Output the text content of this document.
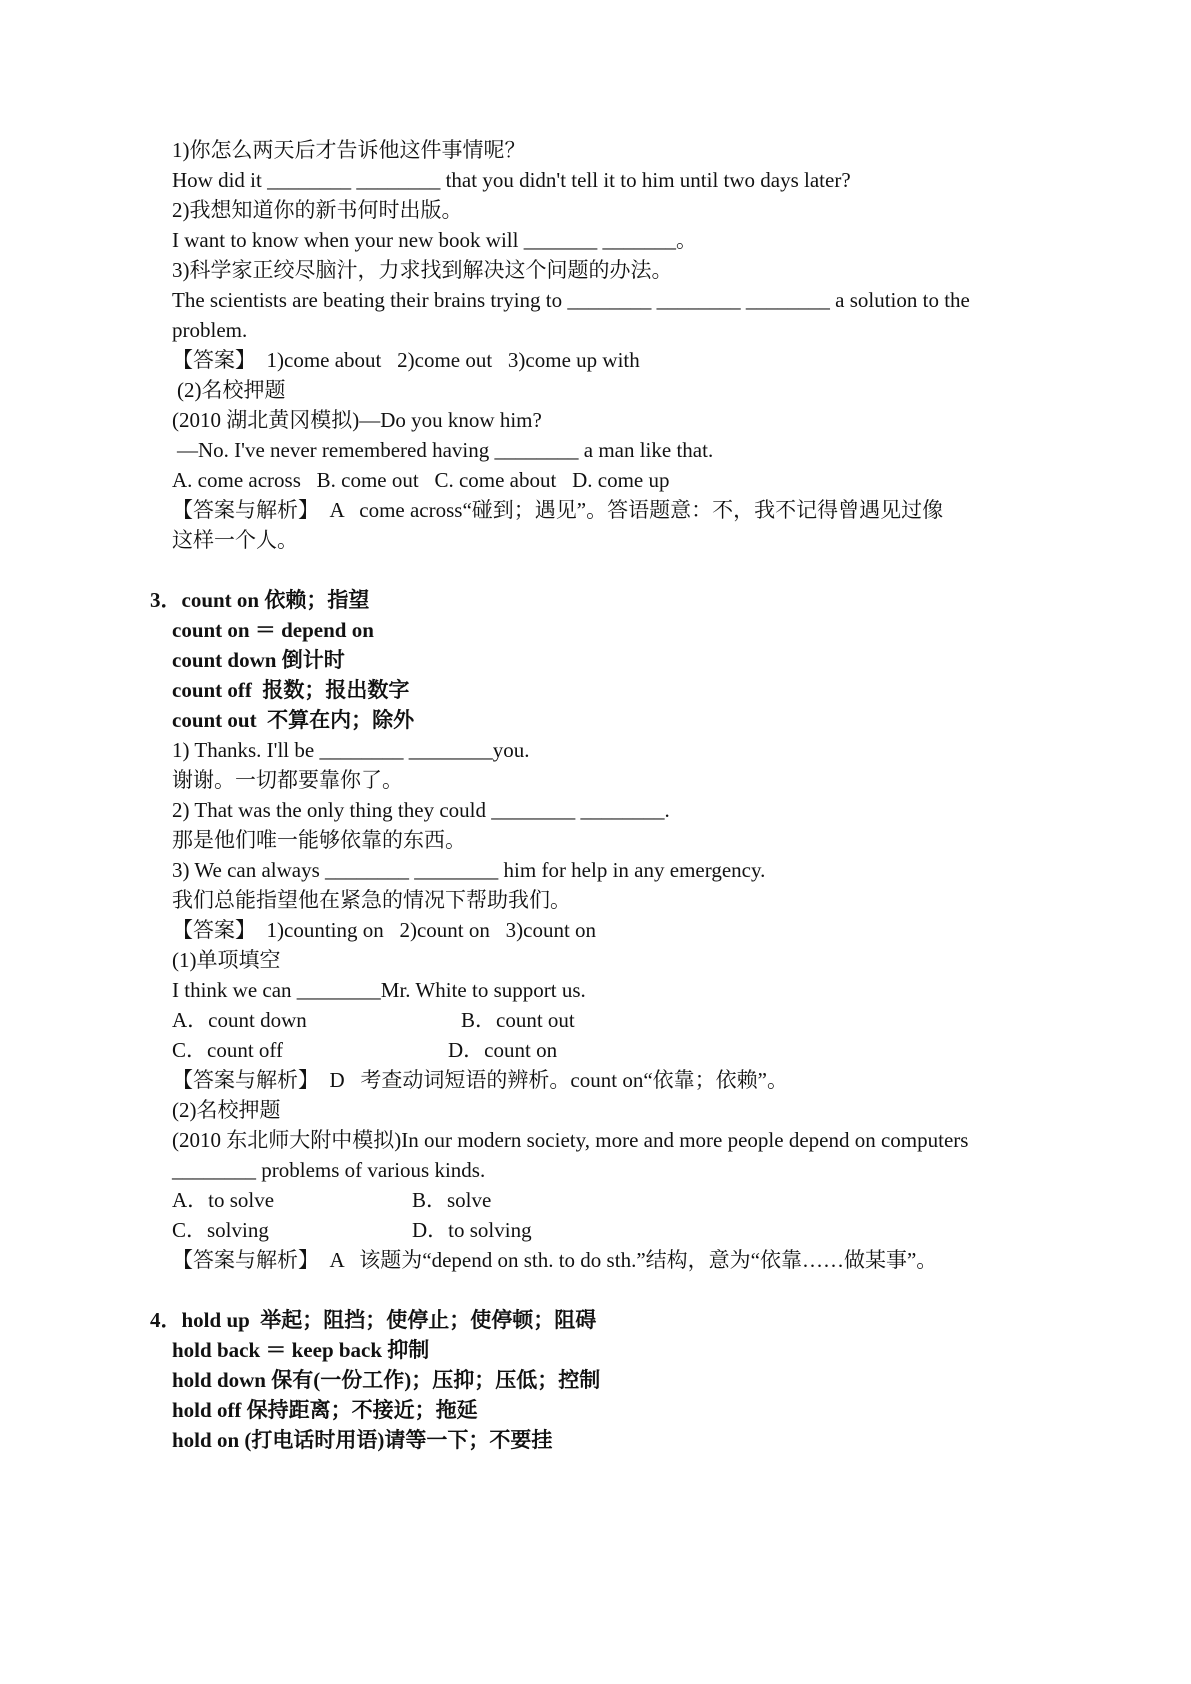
1)你怎么两天后才告诉他这件事情呢？
How did it ________ ________ that you didn't tell it to him until two days later?
2)我想知道你的新书何时出版。
I want to know when your new book will _______ _______。
3)科学家正绞尽脑汁，力求找到解决这个问题的办法。
The scientists are beating their brains trying to ________ ________ ________ a solution to the
problem.
【答案】  1)come about   2)come out   3)come up with
(2)名校押题
(2010 湖北黄冈模拟)—Do you know him?
—No. I've never remembered having ________ a man like that.
A. come across   B. come out   C. come about   D. come up
【答案与解析】  A   come across“碰到；遇见”。答语题意：不，我不记得曾遇见过像
这样一个人。
3．count on 依赖；指望
count on ＝ depend on
count down 倒计时
count off  报数；报出数字
count out  不算在内；除外
1) Thanks. I'll be ________ ________you.
谢谢。一切都要靠你了。
2) That was the only thing they could ________ ________.
那是他们唯一能够依靠的东西。
3) We can always ________ ________ him for help in any emergency.
我们总能指望他在紧急的情况下帮助我们。
【答案】  1)counting on   2)count on   3)count on
(1)单项填空
I think we can ________Mr. White to support us.
A．count down	B．count out
C．count off	D．count on
【答案与解析】  D   考查动词短语的辨析。count on“依靠；依赖”。
(2)名校押题
(2010 东北师大附中模拟)In our modern society, more and more people depend on computers
________ problems of various kinds.
A．to solve	B．solve
C．solving	D．to solving
【答案与解析】  A   该题为“depend on sth. to do sth.”结构，意为“依靠……做某事”。
4．hold up  举起；阻挡；使停止；使停顿；阻碍
hold back ＝ keep back 抑制
hold down 保有(一份工作)；压抑；压低；控制
hold off 保持距离；不接近；拖延
hold on (打电话时用语)请等一下；不要挂
